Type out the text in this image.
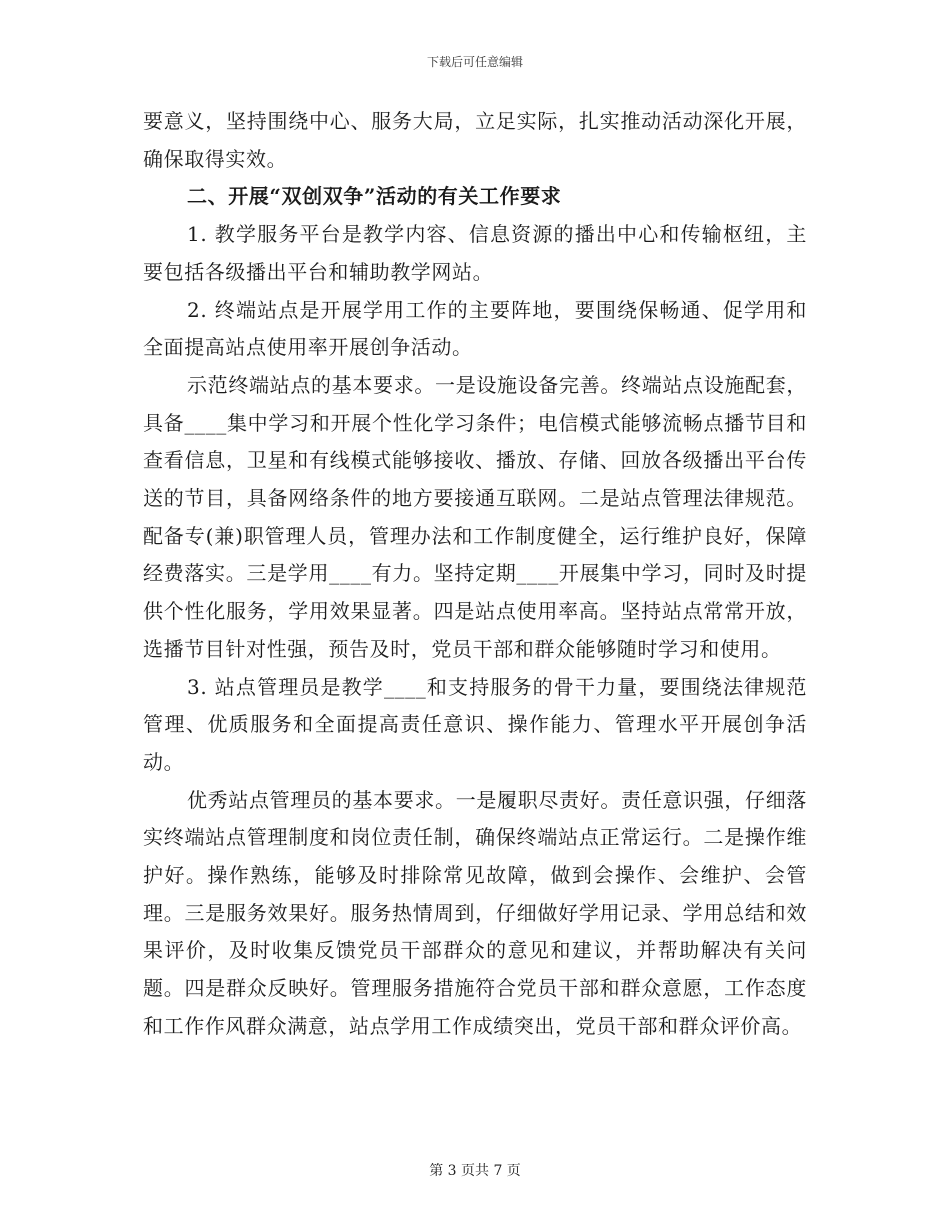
下载后可任意编辑

要意义，坚持围绕中心、服务大局，立足实际，扎实推动活动深化开展，确保取得实效。

二、开展“双创双争”活动的有关工作要求

1. 教学服务平台是教学内容、信息资源的播出中心和传输枢纽，主要包括各级播出平台和辅助教学网站。

2. 终端站点是开展学用工作的主要阵地，要围绕保畅通、促学用和全面提高站点使用率开展创争活动。

示范终端站点的基本要求。一是设施设备完善。终端站点设施配套，具备____集中学习和开展个性化学习条件；电信模式能够流畅点播节目和查看信息，卫星和有线模式能够接收、播放、存储、回放各级播出平台传送的节目，具备网络条件的地方要接通互联网。二是站点管理法律规范。配备专(兼)职管理人员，管理办法和工作制度健全，运行维护良好，保障经费落实。三是学用____有力。坚持定期____开展集中学习，同时及时提供个性化服务，学用效果显著。四是站点使用率高。坚持站点常常开放，选播节目针对性强，预告及时，党员干部和群众能够随时学习和使用。

3. 站点管理员是教学____和支持服务的骨干力量，要围绕法律规范管理、优质服务和全面提高责任意识、操作能力、管理水平开展创争活动。

优秀站点管理员的基本要求。一是履职尽责好。责任意识强，仔细落实终端站点管理制度和岗位责任制，确保终端站点正常运行。二是操作维护好。操作熟练，能够及时排除常见故障，做到会操作、会维护、会管理。三是服务效果好。服务热情周到，仔细做好学用记录、学用总结和效果评价，及时收集反馈党员干部群众的意见和建议，并帮助解决有关问题。四是群众反映好。管理服务措施符合党员干部和群众意愿，工作态度和工作作风群众满意，站点学用工作成绩突出，党员干部和群众评价高。

第 3 页共 7 页
